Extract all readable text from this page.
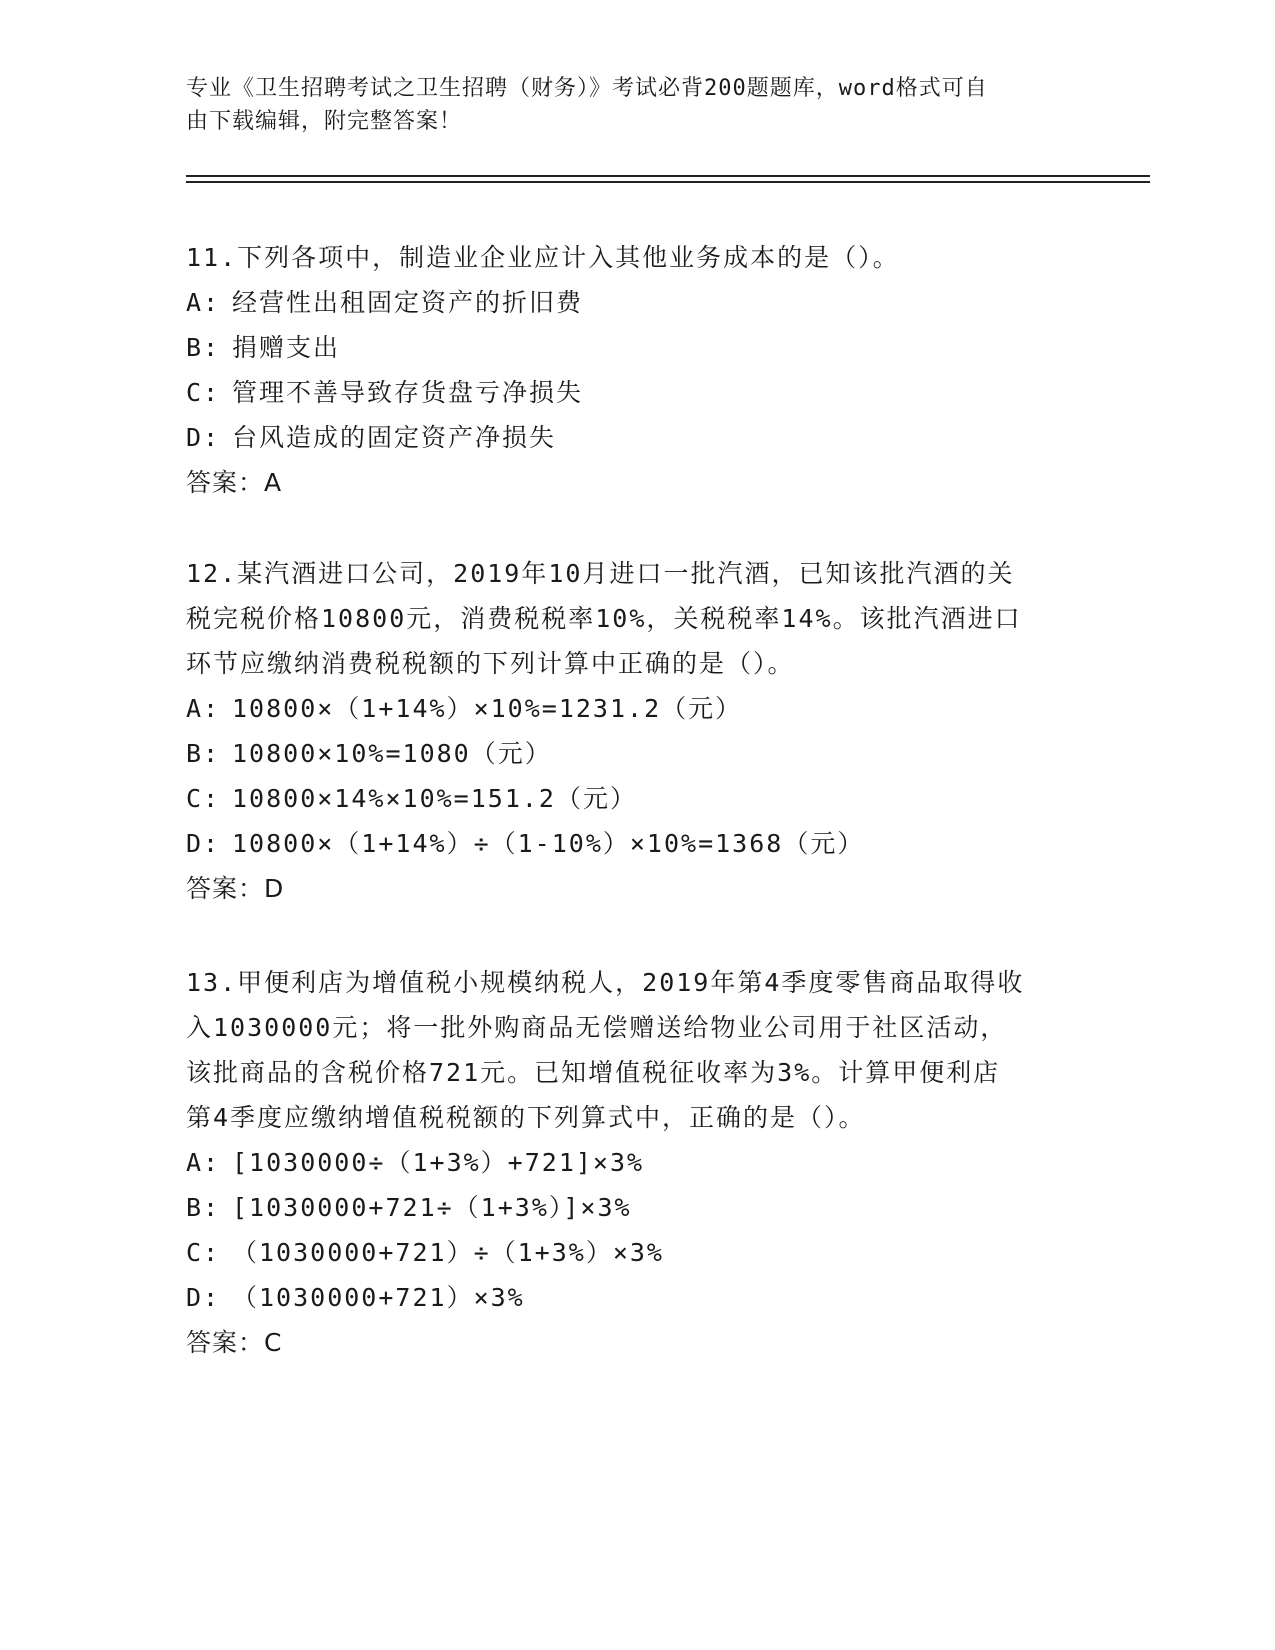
专业《卫生招聘考试之卫生招聘（财务）》考试必背200题题库，word格式可自
由下载编辑，附完整答案！

11.下列各项中，制造业企业应计入其他业务成本的是（）。

A: 经营性出租固定资产的折旧费

B: 捐赠支出

C: 管理不善导致存货盘亏净损失

D: 台风造成的固定资产净损失

答案：A

12.某汽酒进口公司，2019年10月进口一批汽酒，已知该批汽酒的关

税完税价格10800元，消费税税率10%，关税税率14%。该批汽酒进口

环节应缴纳消费税税额的下列计算中正确的是（）。

A: 10800×（1+14%）×10%=1231.2（元）

B: 10800×10%=1080（元）

C: 10800×14%×10%=151.2（元）

D: 10800×（1+14%）÷（1-10%）×10%=1368（元）

答案：D

13.甲便利店为增值税小规模纳税人，2019年第4季度零售商品取得收

入1030000元；将一批外购商品无偿赠送给物业公司用于社区活动，

该批商品的含税价格721元。已知增值税征收率为3%。计算甲便利店

第4季度应缴纳增值税税额的下列算式中，正确的是（）。

A: [1030000÷（1+3%）+721]×3%

B: [1030000+721÷（1+3%）]×3%

C: （1030000+721）÷（1+3%）×3%

D: （1030000+721）×3%

答案：C
